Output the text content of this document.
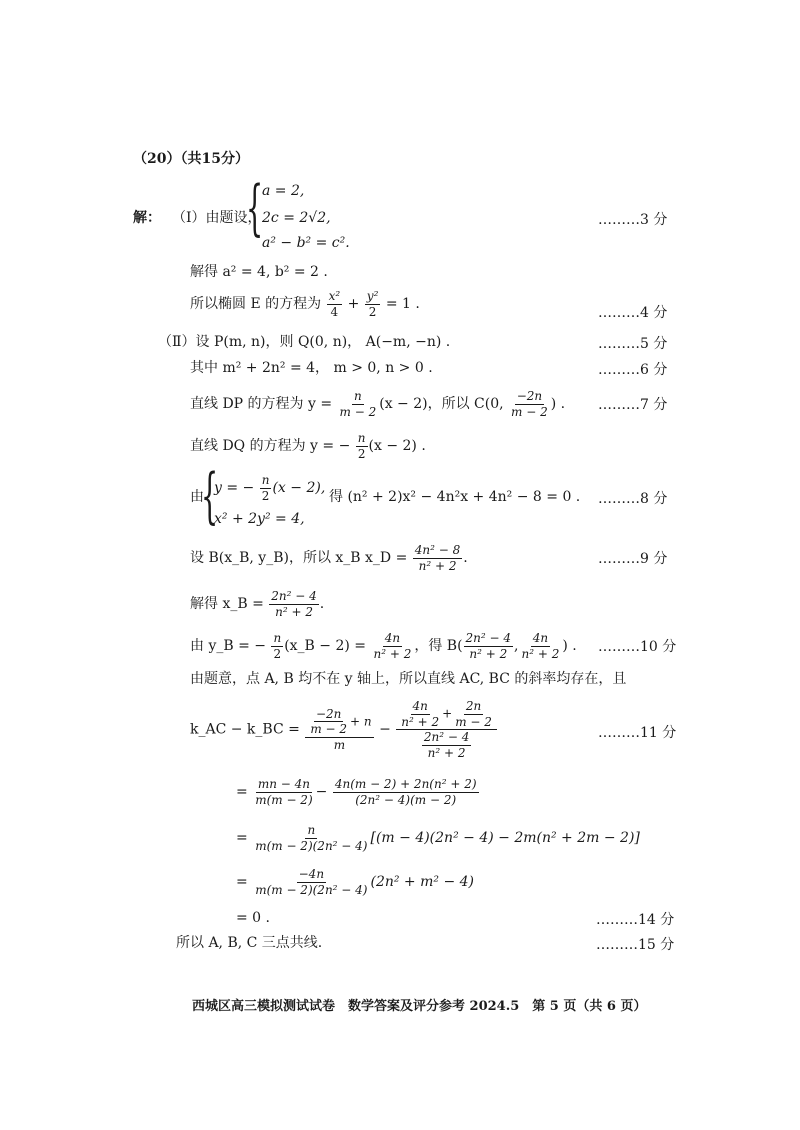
（20）（共15分）
解： （Ⅰ）由题设，
{
a = 2,
2c = 2√2,
a² − b² = c².
………3 分
解得 a² = 4, b² = 2 .
所以椭圆 E 的方程为 $\frac{\text{x²}}{4} + \frac{\text{y²}}{2} = 1$ .
………4 分
（Ⅱ）设 P(m, n)，则 Q(0, n)， A(−m, −n) .	………5 分
其中 m² + 2n² = 4， m > 0, n > 0 .	………6 分
直线 DP 的方程为 $y = \frac{n}{m - 2} (x - 2)$，所以 C(0, $\frac{-2n}{m - 2}$ ) . ………7 分
直线 DQ 的方程为 y = − $\frac{n}{2} (x - 2)$ .
由
{
y = − $\frac{n}{2} (x - 2)$,
x² + 2y² = 4,
得 (n² + 2)x² − 4n²x + 4n² − 8 = 0 . ………8 分
设 B(x_B, y_B)，所以 x_B x_D = $\frac{\text{4n² − 8}}{\text{n² + 2}}$ .	………9 分
解得 x_B = $\frac{\text{2n² − 4}}{\text{n² + 2}}$ .
由 y_B = − $\frac{n}{2}$ (x_B − $2) = \frac{4n}{\text{n² + 2}}$ ，得 $B( \frac{\text{2n² − 4}}{\text{n² + 2}}$ , $\frac{4n}{\text{n² + 2}}$ ) . ………10 分
由题意，点 A, B 均不在 y 轴上，所以直线 AC, BC 的斜率均存在，且
k_AC − k_BC = $\frac{\frac{-2n}{m - 2} + n}{m} - \frac{\frac{4n}{\text{n² + 2}} + \frac{2n}{m - 2}}{\frac{\text{2n² − 4}}{\text{n² + 2}}}$	………11 分
= $\frac{mn - 4n}{m(m - 2)} - \frac{\text{4n(m − 2) + 2n(n² + 2)}}{\text{(2n² − 4)(m − 2)}}$
= $\frac{n}{\text{m(m − 2)(2n² − 4)}} [(m - 4)(2n^2 - 4) - 2m(n^2 + 2m - 2)]$
= $\frac{-4n}{\text{m(m − 2)(2n² − 4)}} (2n^2 + m^2 - 4)$
= 0 .	………14 分
所以 A, B, C 三点共线.	………15 分
西城区高三模拟测试试卷　数学答案及评分参考 2024.5　第 5 页（共 6 页）
